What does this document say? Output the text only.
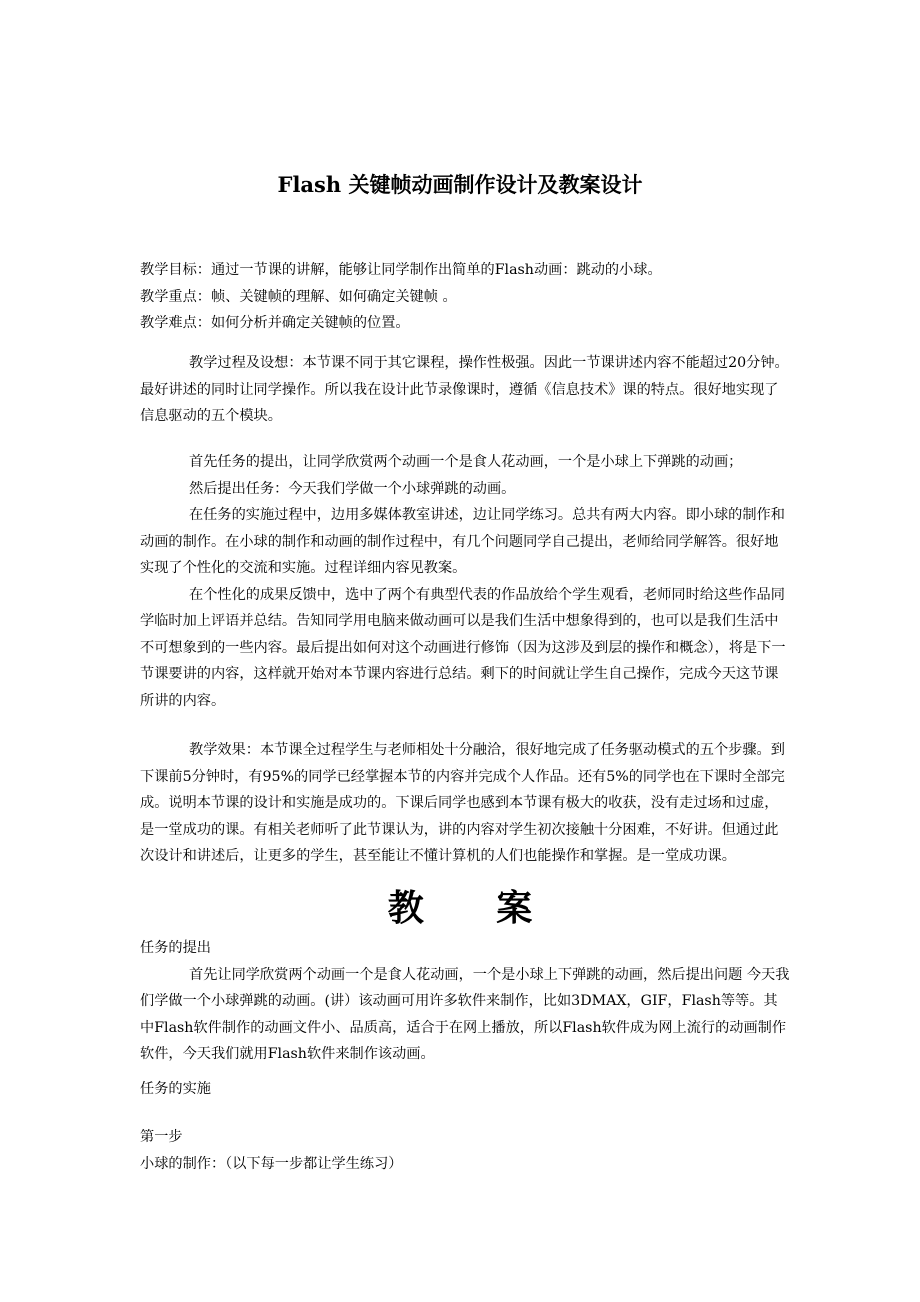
Flash 关键帧动画制作设计及教案设计

教学目标：通过一节课的讲解，能够让同学制作出简单的Flash动画：跳动的小球。

教学重点：帧、关键帧的理解、如何确定关键帧 。

教学难点：如何分析并确定关键帧的位置。

教学过程及设想：本节课不同于其它课程，操作性极强。因此一节课讲述内容不能超过20分钟。最好讲述的同时让同学操作。所以我在设计此节录像课时，遵循《信息技术》课的特点。很好地实现了信息驱动的五个模块。

首先任务的提出，让同学欣赏两个动画一个是食人花动画，一个是小球上下弹跳的动画；

然后提出任务：今天我们学做一个小球弹跳的动画。

在任务的实施过程中，边用多媒体教室讲述，边让同学练习。总共有两大内容。即小球的制作和动画的制作。在小球的制作和动画的制作过程中，有几个问题同学自己提出，老师给同学解答。很好地实现了个性化的交流和实施。过程详细内容见教案。

在个性化的成果反馈中，选中了两个有典型代表的作品放给个学生观看，老师同时给这些作品同学临时加上评语并总结。告知同学用电脑来做动画可以是我们生活中想象得到的，也可以是我们生活中不可想象到的一些内容。最后提出如何对这个动画进行修饰（因为这涉及到层的操作和概念），将是下一节课要讲的内容，这样就开始对本节课内容进行总结。剩下的时间就让学生自己操作，完成今天这节课所讲的内容。

教学效果：本节课全过程学生与老师相处十分融洽，很好地完成了任务驱动模式的五个步骤。到下课前5分钟时，有95%的同学已经掌握本节的内容并完成个人作品。还有5%的同学也在下课时全部完成。说明本节课的设计和实施是成功的。下课后同学也感到本节课有极大的收获，没有走过场和过虚，是一堂成功的课。有相关老师听了此节课认为，讲的内容对学生初次接触十分困难，不好讲。但通过此次设计和讲述后，让更多的学生，甚至能让不懂计算机的人们也能操作和掌握。是一堂成功课。

教 案

任务的提出

首先让同学欣赏两个动画一个是食人花动画，一个是小球上下弹跳的动画，然后提出问题 今天我们学做一个小球弹跳的动画。(讲）该动画可用许多软件来制作，比如3DMAX，GIF，Flash等等。其中Flash软件制作的动画文件小、品质高，适合于在网上播放，所以Flash软件成为网上流行的动画制作软件，今天我们就用Flash软件来制作该动画。

任务的实施

第一步

小球的制作：（以下每一步都让学生练习）
